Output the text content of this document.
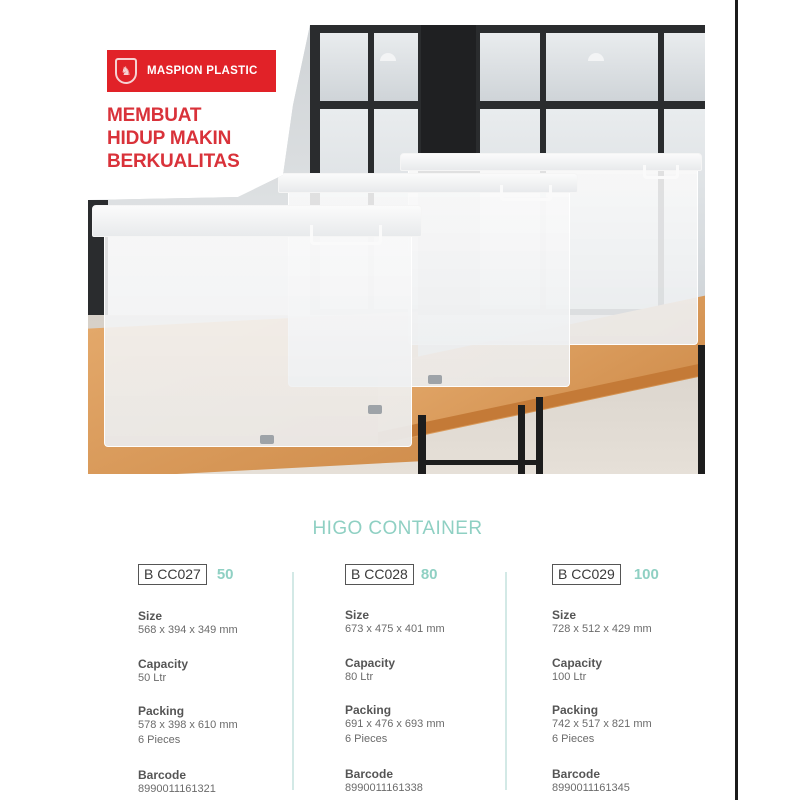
♞	MASPION PLASTIC
MEMBUAT
HIDUP MAKIN
BERKUALITAS
HIGO CONTAINER
B CC027	50
Size
568 x 394 x 349 mm
Capacity
50 Ltr
Packing
578 x 398 x 610 mm
6 Pieces
Barcode
8990011161321
B CC028 80
Size
673 x 475 x 401 mm
Capacity
80 Ltr
Packing
691 x 476 x 693 mm
6 Pieces
Barcode
8990011161338
B CC029	100
Size
728 x 512 x 429 mm
Capacity
100 Ltr
Packing
742 x 517 x 821 mm
6 Pieces
Barcode
8990011161345
